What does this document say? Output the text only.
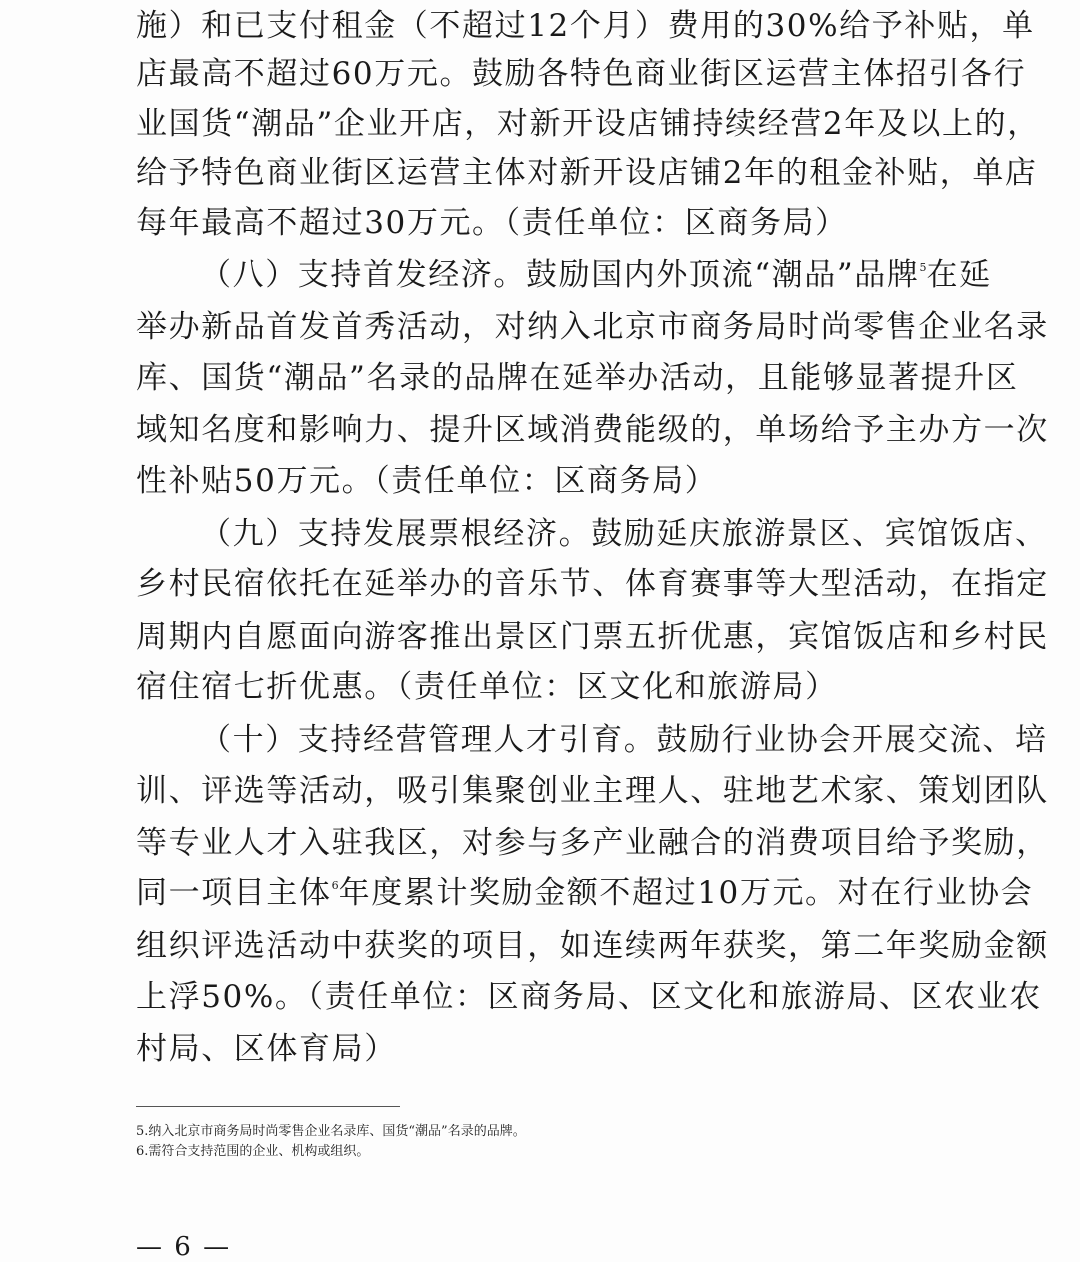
施）和已支付租金（不超过12个月）费用的30%给予补贴，单
店最高不超过60万元。鼓励各特色商业街区运营主体招引各行
业国货“潮品”企业开店，对新开设店铺持续经营2年及以上的，
给予特色商业街区运营主体对新开设店铺2年的租金补贴，单店
每年最高不超过30万元。（责任单位：区商务局）
（八）支持首发经济。鼓励国内外顶流“潮品”品牌$^5$在延
举办新品首发首秀活动，对纳入北京市商务局时尚零售企业名录
库、国货“潮品”名录的品牌在延举办活动，且能够显著提升区
域知名度和影响力、提升区域消费能级的，单场给予主办方一次
性补贴50万元。（责任单位：区商务局）
（九）支持发展票根经济。鼓励延庆旅游景区、宾馆饭店、
乡村民宿依托在延举办的音乐节、体育赛事等大型活动，在指定
周期内自愿面向游客推出景区门票五折优惠，宾馆饭店和乡村民
宿住宿七折优惠。（责任单位：区文化和旅游局）
（十）支持经营管理人才引育。鼓励行业协会开展交流、培
训、评选等活动，吸引集聚创业主理人、驻地艺术家、策划团队
等专业人才入驻我区，对参与多产业融合的消费项目给予奖励，
同一项目主体$^6$年度累计奖励金额不超过10万元。对在行业协会
组织评选活动中获奖的项目，如连续两年获奖，第二年奖励金额
上浮50%。（责任单位：区商务局、区文化和旅游局、区农业农
村局、区体育局）
5.纳入北京市商务局时尚零售企业名录库、国货“潮品”名录的品牌。
6.需符合支持范围的企业、机构或组织。
— 6 —
